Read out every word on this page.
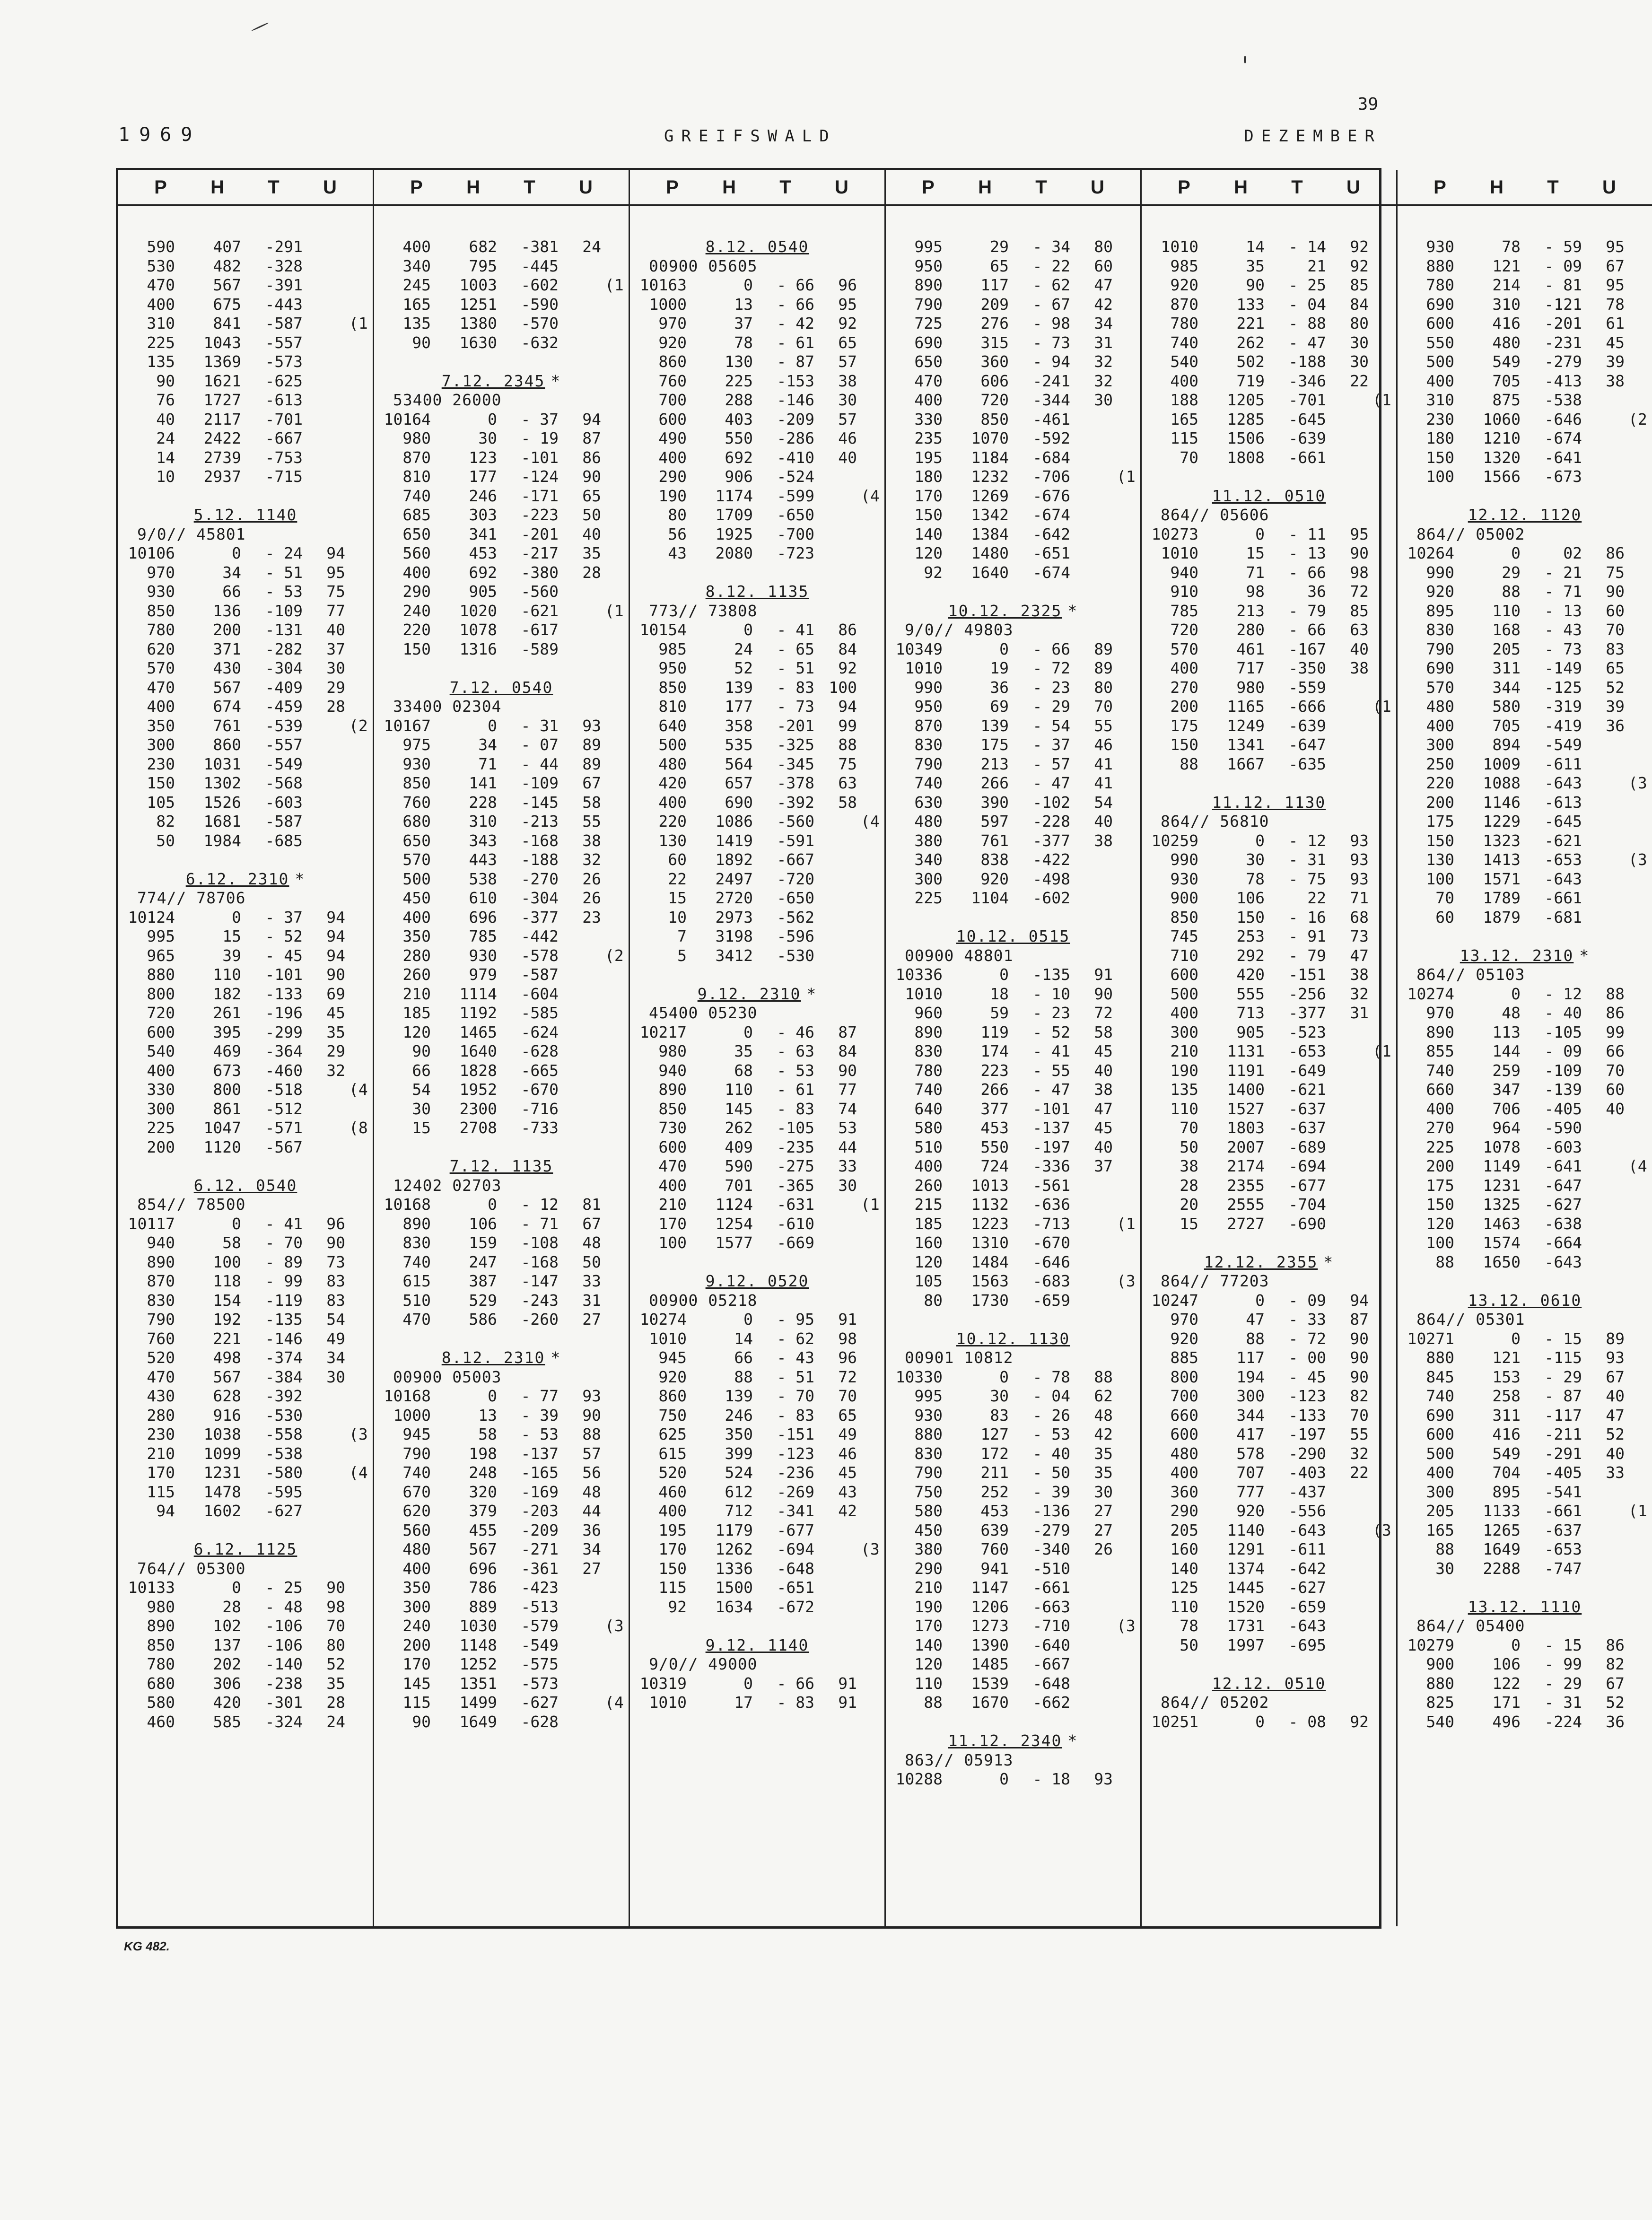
39
1969	GREIFSWALD	DEZEMBER
P H T U
590	407	-291
530	482	-328
470	567	-391
400	675	-443
310	841	-587	(1
225	1043	-557
135	1369	-573
90	1621	-625
76	1727	-613
40	2117	-701
24	2422	-667
14	2739	-753
10	2937	-715
5.12. 1140
9/0// 45801
10106	0	- 24	94
970	34	- 51	95
930	66	- 53	75
850	136	-109	77
780	200	-131	40
620	371	-282	37
570	430	-304	30
470	567	-409	29
400	674	-459	28
350	761	-539	(2
300	860	-557
230	1031	-549
150	1302	-568
105	1526	-603
82	1681	-587
50	1984	-685
6.12. 2310 *
774// 78706
10124	0	- 37	94
995	15	- 52	94
965	39	- 45	94
880	110	-101	90
800	182	-133	69
720	261	-196	45
600	395	-299	35
540	469	-364	29
400	673	-460	32
330	800	-518	(4
300	861	-512
225	1047	-571	(8
200	1120	-567
6.12. 0540
854// 78500
10117	0	- 41	96
940	58	- 70	90
890	100	- 89	73
870	118	- 99	83
830	154	-119	83
790	192	-135	54
760	221	-146	49
520	498	-374	34
470	567	-384	30
430	628	-392
280	916	-530
230	1038	-558	(3
210	1099	-538
170	1231	-580	(4
115	1478	-595
94	1602	-627
6.12. 1125
764// 05300
10133	0	- 25	90
980	28	- 48	98
890	102	-106	70
850	137	-106	80
780	202	-140	52
680	306	-238	35
580	420	-301	28
460	585	-324	24
P H T U
400	682	-381	24
340	795	-445
245	1003	-602	(1
165	1251	-590
135	1380	-570
90	1630	-632
7.12. 2345 *
53400 26000
10164	0	- 37	94
980	30	- 19	87
870	123	-101	86
810	177	-124	90
740	246	-171	65
685	303	-223	50
650	341	-201	40
560	453	-217	35
400	692	-380	28
290	905	-560
240	1020	-621	(1
220	1078	-617
150	1316	-589
7.12. 0540
33400 02304
10167	0	- 31	93
975	34	- 07	89
930	71	- 44	89
850	141	-109	67
760	228	-145	58
680	310	-213	55
650	343	-168	38
570	443	-188	32
500	538	-270	26
450	610	-304	26
400	696	-377	23
350	785	-442
280	930	-578	(2
260	979	-587
210	1114	-604
185	1192	-585
120	1465	-624
90	1640	-628
66	1828	-665
54	1952	-670
30	2300	-716
15	2708	-733
7.12. 1135
12402 02703
10168	0	- 12	81
890	106	- 71	67
830	159	-108	48
740	247	-168	50
615	387	-147	33
510	529	-243	31
470	586	-260	27
8.12. 2310 *
00900 05003
10168	0	- 77	93
1000	13	- 39	90
945	58	- 53	88
790	198	-137	57
740	248	-165	56
670	320	-169	48
620	379	-203	44
560	455	-209	36
480	567	-271	34
400	696	-361	27
350	786	-423
300	889	-513
240	1030	-579	(3
200	1148	-549
170	1252	-575
145	1351	-573
115	1499	-627	(4
90	1649	-628
P H T U
8.12. 0540
00900 05605
10163	0	- 66	96
1000	13	- 66	95
970	37	- 42	92
920	78	- 61	65
860	130	- 87	57
760	225	-153	38
700	288	-146	30
600	403	-209	57
490	550	-286	46
400	692	-410	40
290	906	-524
190	1174	-599	(4
80	1709	-650
56	1925	-700
43	2080	-723
8.12. 1135
773// 73808
10154	0	- 41	86
985	24	- 65	84
950	52	- 51	92
850	139	- 83 100
810	177	- 73	94
640	358	-201	99
500	535	-325	88
480	564	-345	75
420	657	-378	63
400	690	-392	58
220	1086	-560	(4
130	1419	-591
60	1892	-667
22	2497	-720
15	2720	-650
10	2973	-562
7	3198	-596
5	3412	-530
9.12. 2310 *
45400 05230
10217	0	- 46	87
980	35	- 63	84
940	68	- 53	90
890	110	- 61	77
850	145	- 83	74
730	262	-105	53
600	409	-235	44
470	590	-275	33
400	701	-365	30
210	1124	-631	(1
170	1254	-610
100	1577	-669
9.12. 0520
00900 05218
10274	0	- 95	91
1010	14	- 62	98
945	66	- 43	96
920	88	- 51	72
860	139	- 70	70
750	246	- 83	65
625	350	-151	49
615	399	-123	46
520	524	-236	45
460	612	-269	43
400	712	-341	42
195	1179	-677
170	1262	-694	(3
150	1336	-648
115	1500	-651
92	1634	-672
9.12. 1140
9/0// 49000
10319	0	- 66	91
1010	17	- 83	91
P H T U
995	29	- 34	80
950	65	- 22	60
890	117	- 62	47
790	209	- 67	42
725	276	- 98	34
690	315	- 73	31
650	360	- 94	32
470	606	-241	32
400	720	-344	30
330	850	-461
235	1070	-592
195	1184	-684
180	1232	-706	(1
170	1269	-676
150	1342	-674
140	1384	-642
120	1480	-651
92	1640	-674
10.12. 2325 *
9/0// 49803
10349	0	- 66	89
1010	19	- 72	89
990	36	- 23	80
950	69	- 29	70
870	139	- 54	55
830	175	- 37	46
790	213	- 57	41
740	266	- 47	41
630	390	-102	54
480	597	-228	40
380	761	-377	38
340	838	-422
300	920	-498
225	1104	-602
10.12. 0515
00900 48801
10336	0	-135	91
1010	18	- 10	90
960	59	- 23	72
890	119	- 52	58
830	174	- 41	45
780	223	- 55	40
740	266	- 47	38
640	377	-101	47
580	453	-137	45
510	550	-197	40
400	724	-336	37
260	1013	-561
215	1132	-636
185	1223	-713	(1
160	1310	-670
120	1484	-646
105	1563	-683	(3
80	1730	-659
10.12. 1130
00901 10812
10330	0	- 78	88
995	30	- 04	62
930	83	- 26	48
880	127	- 53	42
830	172	- 40	35
790	211	- 50	35
750	252	- 39	30
580	453	-136	27
450	639	-279	27
380	760	-340	26
290	941	-510
210	1147	-661
190	1206	-663
170	1273	-710	(3
140	1390	-640
120	1485	-667
110	1539	-648
88	1670	-662
11.12. 2340 *
863// 05913
10288	0	- 18	93
P H T U
1010	14	- 14	92
985	35	21	92
920	90	- 25	85
870	133	- 04	84
780	221	- 88	80
740	262	- 47	30
540	502	-188	30
400	719	-346	22
188	1205	-701	(1
165	1285	-645
115	1506	-639
70	1808	-661
11.12. 0510
864// 05606
10273	0	- 11	95
1010	15	- 13	90
940	71	- 66	98
910	98	36	72
785	213	- 79	85
720	280	- 66	63
570	461	-167	40
400	717	-350	38
270	980	-559
200	1165	-666	(1
175	1249	-639
150	1341	-647
88	1667	-635
11.12. 1130
864// 56810
10259	0	- 12	93
990	30	- 31	93
930	78	- 75	93
900	106	22	71
850	150	- 16	68
745	253	- 91	73
710	292	- 79	47
600	420	-151	38
500	555	-256	32
400	713	-377	31
300	905	-523
210	1131	-653	(1
190	1191	-649
135	1400	-621
110	1527	-637
70	1803	-637
50	2007	-689
38	2174	-694
28	2355	-677
20	2555	-704
15	2727	-690
12.12. 2355 *
864// 77203
10247	0	- 09	94
970	47	- 33	87
920	88	- 72	90
885	117	- 00	90
800	194	- 45	90
700	300	-123	82
660	344	-133	70
600	417	-197	55
480	578	-290	32
400	707	-403	22
360	777	-437
290	920	-556
205	1140	-643	(3
160	1291	-611
140	1374	-642
125	1445	-627
110	1520	-659
78	1731	-643
50	1997	-695
12.12. 0510
864// 05202
10251	0	- 08	92
P H T U
930	78	- 59	95
880	121	- 09	67
780	214	- 81	95
690	310	-121	78
600	416	-201	61
550	480	-231	45
500	549	-279	39
400	705	-413	38
310	875	-538
230	1060	-646	(2
180	1210	-674
150	1320	-641
100	1566	-673
12.12. 1120
864// 05002
10264	0	02	86
990	29	- 21	75
920	88	- 71	90
895	110	- 13	60
830	168	- 43	70
790	205	- 73	83
690	311	-149	65
570	344	-125	52
480	580	-319	39
400	705	-419	36
300	894	-549
250	1009	-611
220	1088	-643	(3
200	1146	-613
175	1229	-645
150	1323	-621
130	1413	-653	(3
100	1571	-643
70	1789	-661
60	1879	-681
13.12. 2310 *
864// 05103
10274	0	- 12	88
970	48	- 40	86
890	113	-105	99
855	144	- 09	66
740	259	-109	70
660	347	-139	60
400	706	-405	40
270	964	-590
225	1078	-603
200	1149	-641	(4
175	1231	-647
150	1325	-627
120	1463	-638
100	1574	-664
88	1650	-643
13.12. 0610
864// 05301
10271	0	- 15	89
880	121	-115	93
845	153	- 29	67
740	258	- 87	40
690	311	-117	47
600	416	-211	52
500	549	-291	40
400	704	-405	33
300	895	-541
205	1133	-661	(1
165	1265	-637
88	1649	-653
30	2288	-747
13.12. 1110
864// 05400
10279	0	- 15	86
900	106	- 99	82
880	122	- 29	67
825	171	- 31	52
540	496	-224	36
KG 482.
